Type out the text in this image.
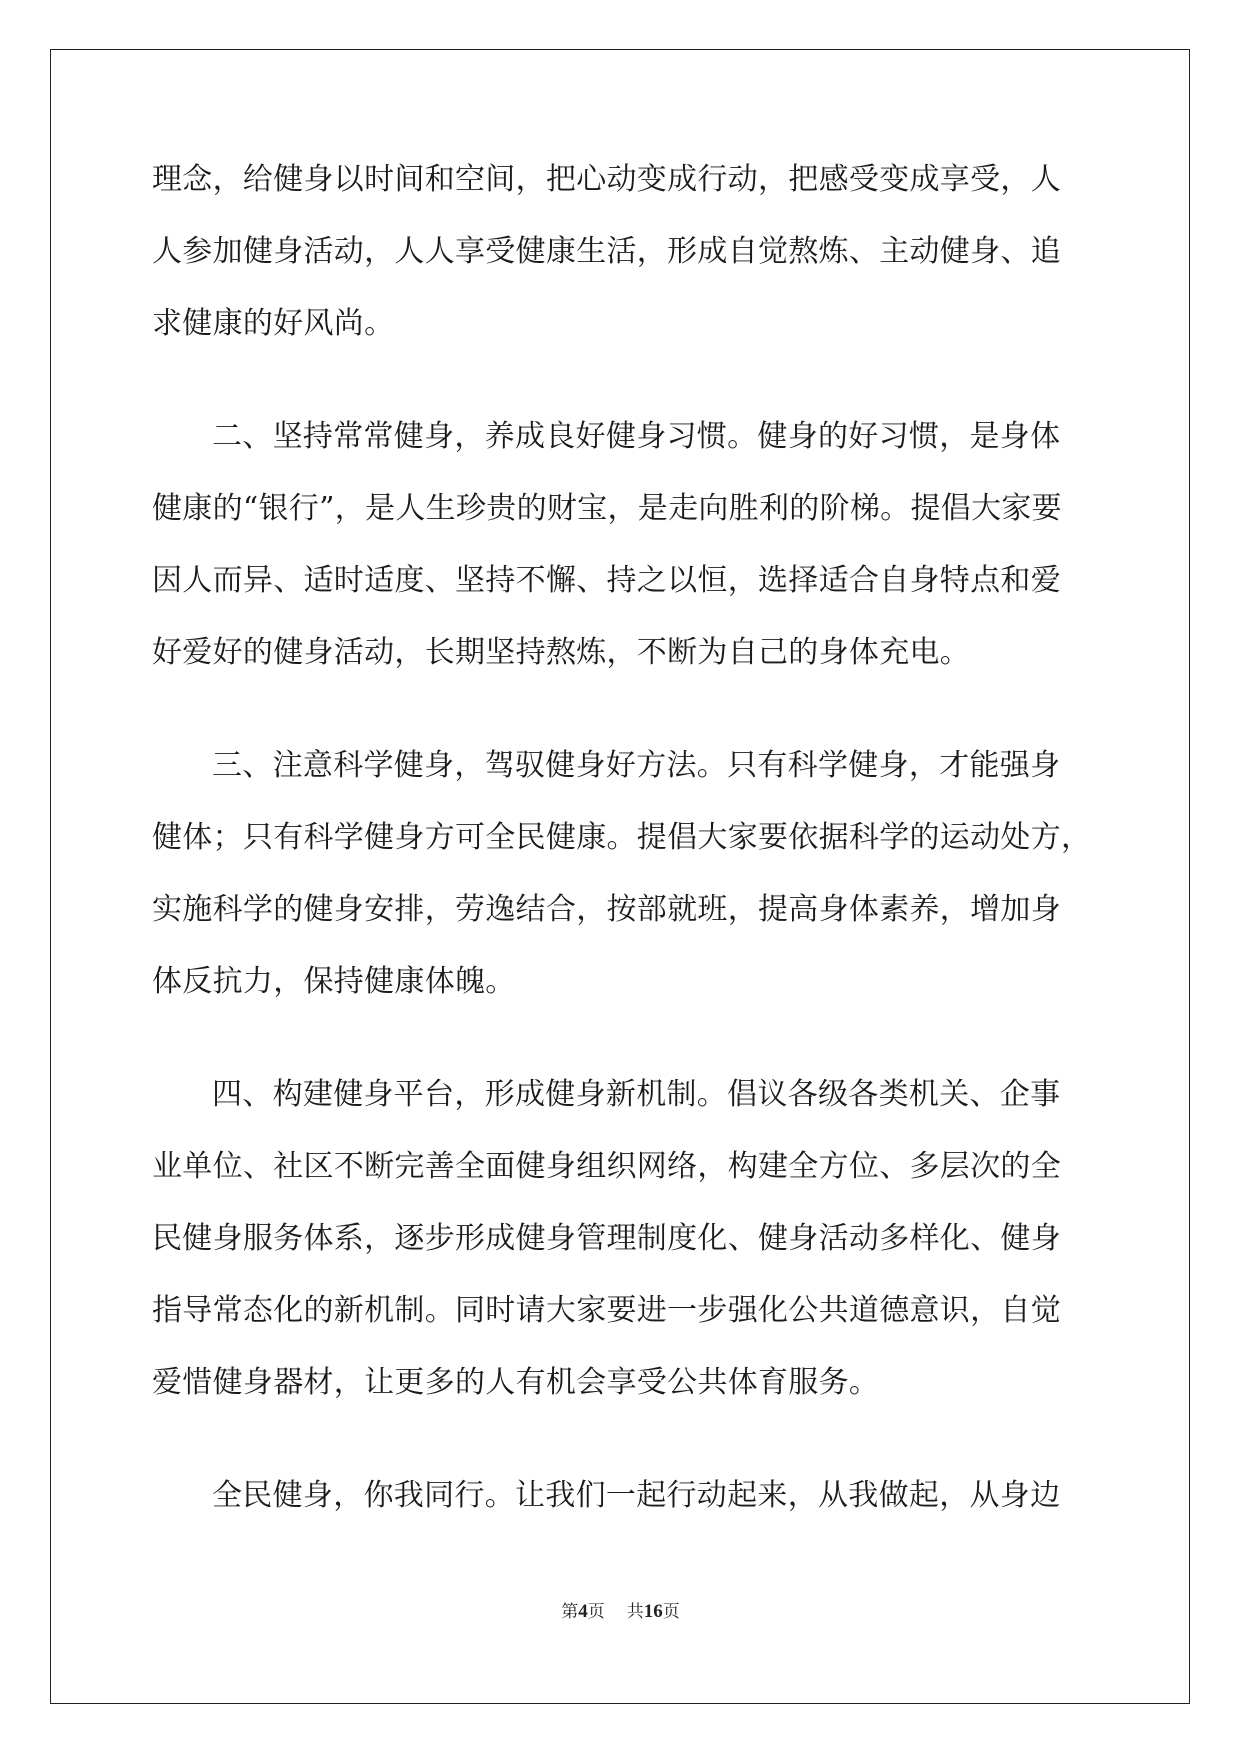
理念，给健身以时间和空间，把心动变成行动，把感受变成享受，人
人参加健身活动，人人享受健康生活，形成自觉熬炼、主动健身、追
求健康的好风尚。
二、坚持常常健身，养成良好健身习惯。健身的好习惯，是身体
健康的“银行”，是人生珍贵的财宝，是走向胜利的阶梯。提倡大家要
因人而异、适时适度、坚持不懈、持之以恒，选择适合自身特点和爱
好爱好的健身活动，长期坚持熬炼，不断为自己的身体充电。
三、注意科学健身，驾驭健身好方法。只有科学健身，才能强身
健体；只有科学健身方可全民健康。提倡大家要依据科学的运动处方，
实施科学的健身安排，劳逸结合，按部就班，提高身体素养，增加身
体反抗力，保持健康体魄。
四、构建健身平台，形成健身新机制。倡议各级各类机关、企事
业单位、社区不断完善全面健身组织网络，构建全方位、多层次的全
民健身服务体系，逐步形成健身管理制度化、健身活动多样化、健身
指导常态化的新机制。同时请大家要进一步强化公共道德意识，自觉
爱惜健身器材，让更多的人有机会享受公共体育服务。
全民健身，你我同行。让我们一起行动起来，从我做起，从身边
第4页 共16页
